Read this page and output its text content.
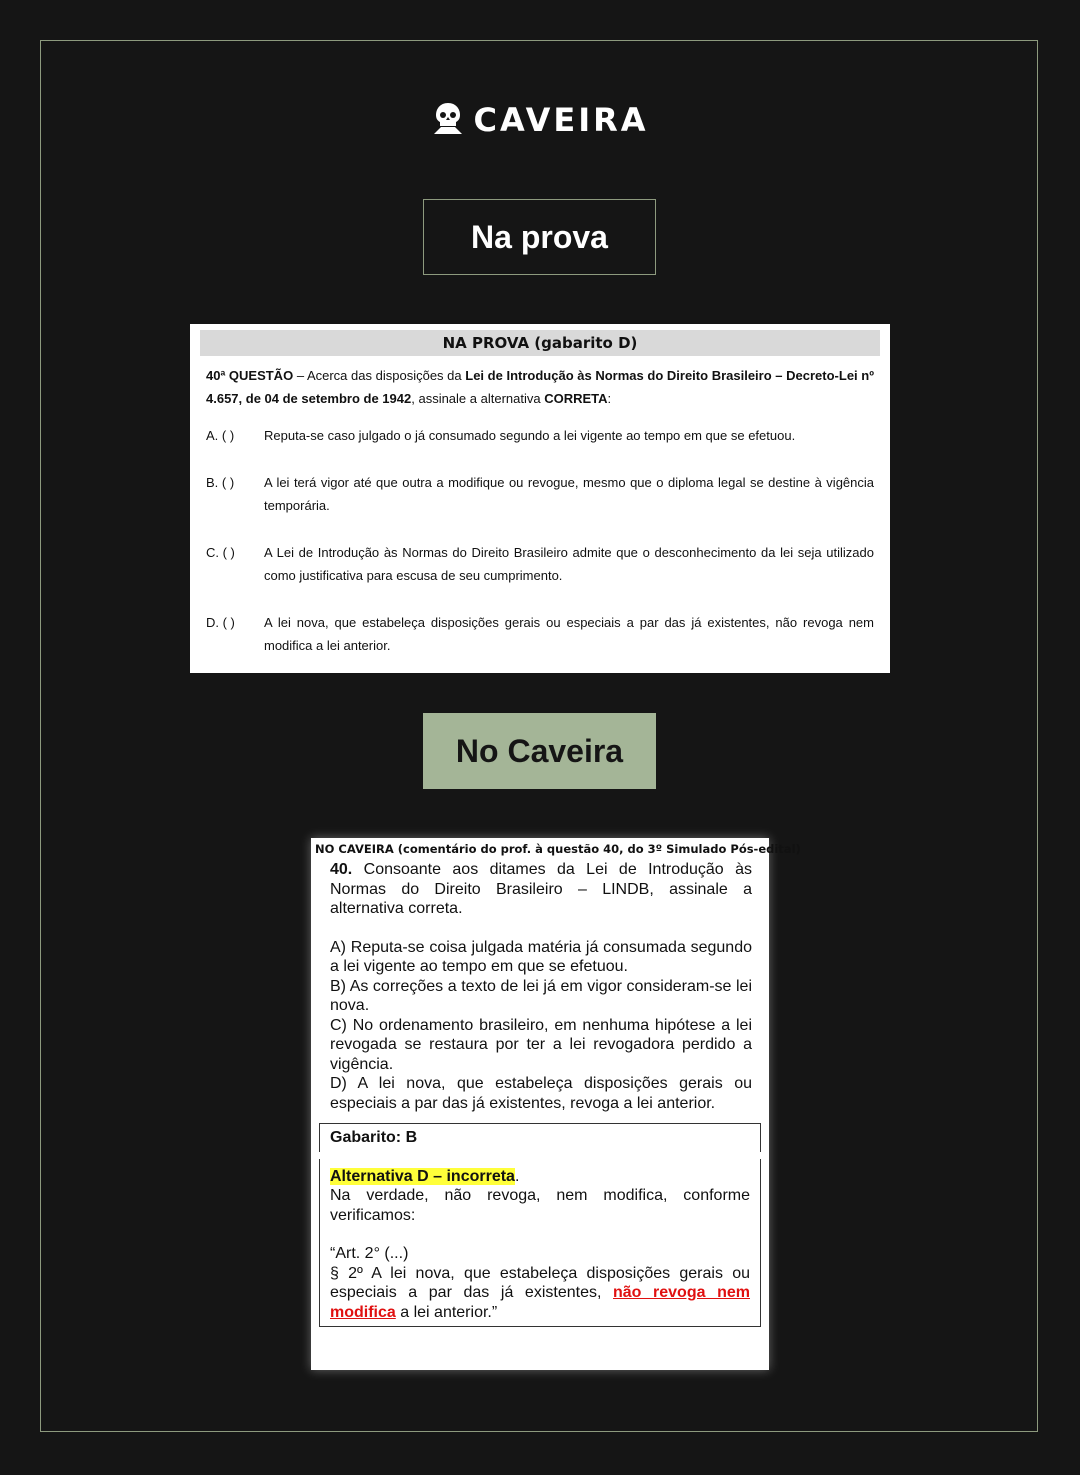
CAVEIRA
Na prova
NA PROVA (gabarito D)

40ª QUESTÃO – Acerca das disposições da Lei de Introdução às Normas do Direito Brasileiro – Decreto-Lei nº 4.657, de 04 de setembro de 1942, assinale a alternativa CORRETA:

A. ( )	Reputa-se caso julgado o já consumado segundo a lei vigente ao tempo em que se efetuou.
B. ( )	A lei terá vigor até que outra a modifique ou revogue, mesmo que o diploma legal se destine à vigência temporária.
C. ( )	A Lei de Introdução às Normas do Direito Brasileiro admite que o desconhecimento da lei seja utilizado como justificativa para escusa de seu cumprimento.
D. ( )	A lei nova, que estabeleça disposições gerais ou especiais a par das já existentes, não revoga nem modifica a lei anterior.
No Caveira
NO CAVEIRA (comentário do prof. à questão 40, do 3º Simulado Pós-edital)

40. Consoante aos ditames da Lei de Introdução às Normas do Direito Brasileiro – LINDB, assinale a alternativa correta.

A) Reputa-se coisa julgada matéria já consumada segundo a lei vigente ao tempo em que se efetuou.

B) As correções a texto de lei já em vigor consideram-se lei nova.

C) No ordenamento brasileiro, em nenhuma hipótese a lei revogada se restaura por ter a lei revogadora perdido a vigência.

D) A lei nova, que estabeleça disposições gerais ou especiais a par das já existentes, revoga a lei anterior.

Gabarito: B

Alternativa D – incorreta.

Na verdade, não revoga, nem modifica, conforme verificamos:

“Art. 2° (...)

§ 2º A lei nova, que estabeleça disposições gerais ou especiais a par das já existentes, não revoga nem modifica a lei anterior.”
